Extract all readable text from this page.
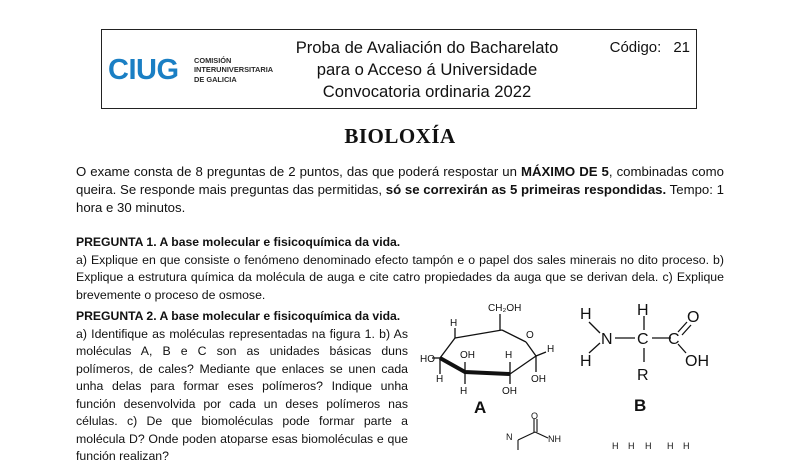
CIUG COMISIÓN
INTERUNIVERSITARIA
DE GALICIA
Proba de Avaliación do Bacharelato
para o Acceso á Universidade
Convocatoria ordinaria 2022
Código: 21
BIOLOXÍA
O exame consta de 8 preguntas de 2 puntos, das que poderá respostar un MÁXIMO DE 5, combinadas como queira. Se responde mais preguntas das permitidas, só se correxirán as 5 primeiras respondidas. Tempo: 1 hora e 30 minutos.
PREGUNTA 1. A base molecular e fisicoquímica da vida.
a) Explique en que consiste o fenómeno denominado efecto tampón e o papel dos sales minerais no dito proceso. b) Explique a estrutura química da molécula de auga e cite catro propiedades da auga que se derivan dela. c) Explique brevemente o proceso de osmose.
PREGUNTA 2. A base molecular e fisicoquímica da vida.
a) Identifique as moléculas representadas na figura 1. b) As moléculas A, B e C son as unidades básicas duns polímeros, de cales? Mediante que enlaces se unen cada unha delas para formar eses polímeros? Indique unha función desenvolvida por cada un deses polímeros nas células. c) De que biomoléculas pode formar parte a molécula D? Onde poden atoparse esas biomoléculas e que función realizan?
CH₂OH
O
H
H
OH	H
OH
HO
H
H	OH
A
H
H
N
H
C C
O
OH
R
B
O
N	NH
H H H H H
